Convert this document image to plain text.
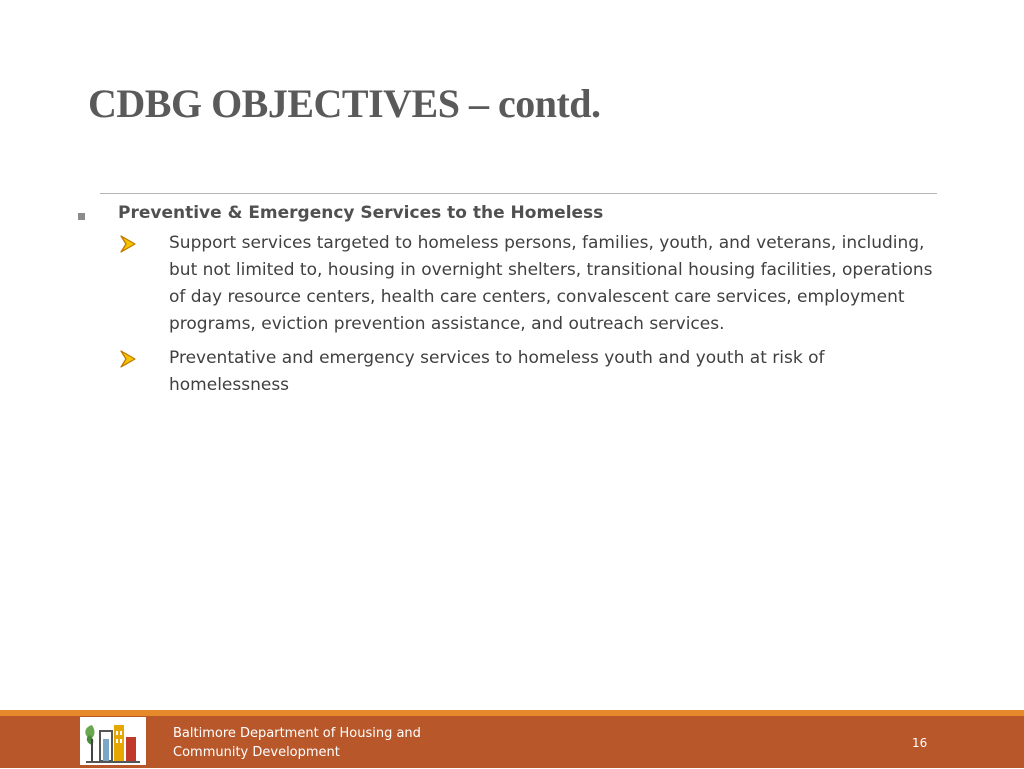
CDBG OBJECTIVES – contd.
Preventive & Emergency Services to the Homeless
Support services targeted to homeless persons, families, youth, and veterans, including, but not limited to, housing in overnight shelters, transitional housing facilities, operations of day resource centers, health care centers, convalescent care services, employment programs, eviction prevention assistance, and outreach services.
Preventative and emergency services to homeless youth and youth at risk of homelessness
Baltimore Department of Housing and
Community Development
16
